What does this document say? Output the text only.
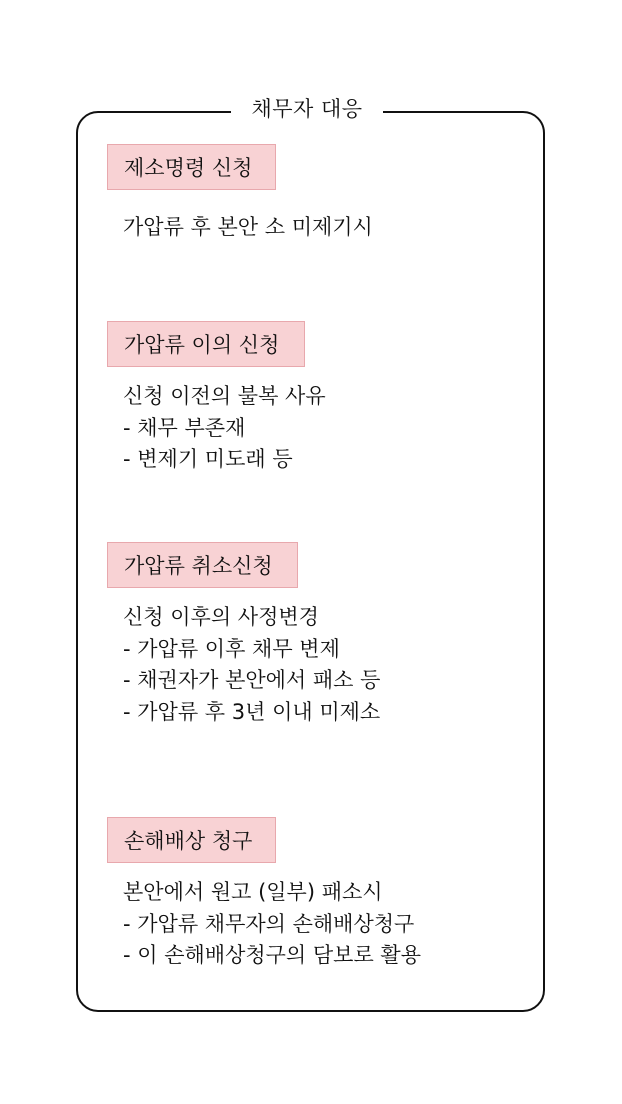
채무자 대응
제소명령 신청
가압류 후 본안 소 미제기시
가압류 이의 신청
신청 이전의 불복 사유
- 채무 부존재
- 변제기 미도래 등
가압류 취소신청
신청 이후의 사정변경
- 가압류 이후 채무 변제
- 채권자가 본안에서 패소 등
- 가압류 후 3년 이내 미제소
손해배상 청구
본안에서 원고 (일부) 패소시
- 가압류 채무자의 손해배상청구
- 이 손해배상청구의 담보로 활용
